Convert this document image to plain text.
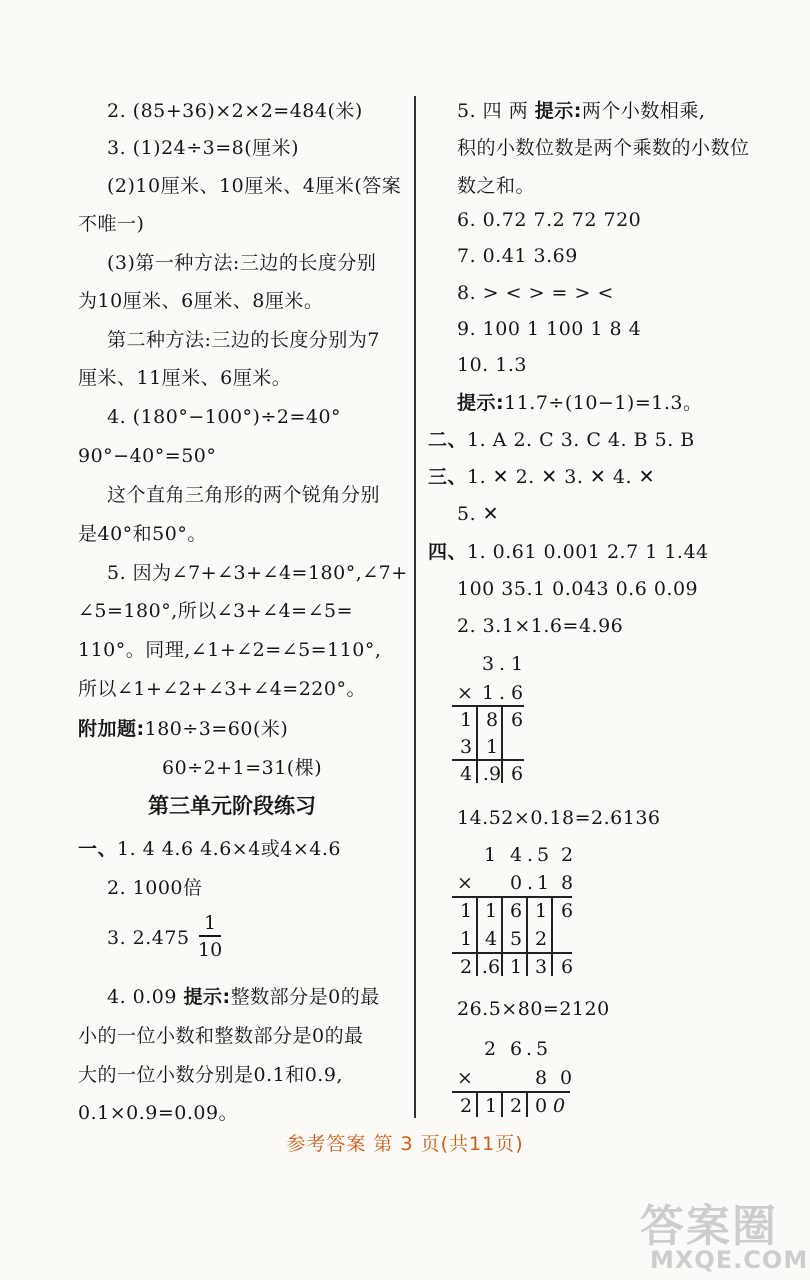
2. (85+36)×2×2=484(米)
3. (1)24÷3=8(厘米)
(2)10厘米、10厘米、4厘米(答案
不唯一)
(3)第一种方法:三边的长度分别
为10厘米、6厘米、8厘米。
第二种方法:三边的长度分别为7
厘米、11厘米、6厘米。
4. (180°−100°)÷2=40°
90°−40°=50°
这个直角三角形的两个锐角分别
是40°和50°。
5. 因为∠7+∠3+∠4=180°,∠7+
∠5=180°,所以∠3+∠4=∠5=
110°。同理,∠1+∠2=∠5=110°,
所以∠1+∠2+∠3+∠4=220°。
附加题:180÷3=60(米)
60÷2+1=31(棵)
第三单元阶段练习
一、1. 4 4.6 4.6×4或4×4.6
2. 1000倍
3. 2.475
1
10
4. 0.09 提示:整数部分是0的最
小的一位小数和整数部分是0的最
大的一位小数分别是0.1和0.9,
0.1×0.9=0.09。
5. 四 两 提示:两个小数相乘,
积的小数位数是两个乘数的小数位
数之和。
6. 0.72 7.2 72 720
7. 0.41 3.69
8. > < > = > <
9. 100 1 100 1 8 4
10. 1.3
提示:11.7÷(10−1)=1.3。
二、1. A 2. C 3. C 4. B 5. B
三、1. ✕ 2. ✕ 3. ✕ 4. ✕
5. ✕
四、1. 0.61 0.001 2.7 1 1.44
100 35.1 0.043 0.6 0.09
2. 3.1×1.6=4.96
3 . 1
× 1 . 6
1 8 6
3 1
4 .9 6
14.52×0.18=2.6136
1 4 . 5 2
× 0 . 1 8
1 1 6 1 6
1 4 5 2
2 .6 1 3 6
26.5×80=2120
2 6 . 5
×	8 0
2 1 2 0 0
参考答案 第 3 页(共11页)
答案圈
MXQE.COM
